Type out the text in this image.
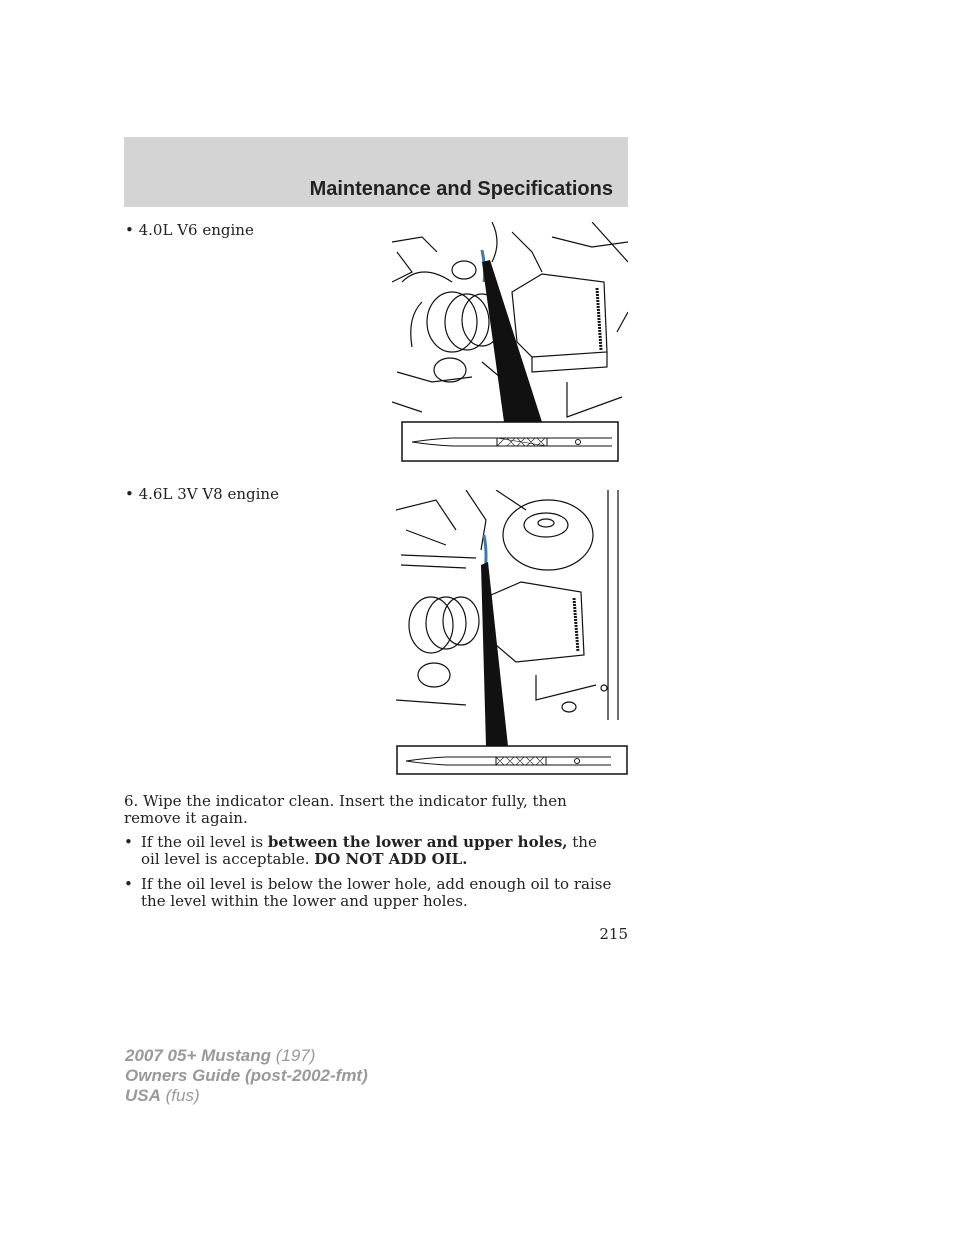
Maintenance and Specifications
• 4.0L V6 engine
• 4.6L 3V V8 engine
6. Wipe the indicator clean. Insert the indicator fully, then remove it again.
• If the oil level is between the lower and upper holes, the oil level is acceptable. DO NOT ADD OIL.
• If the oil level is below the lower hole, add enough oil to raise the level within the lower and upper holes.
215
2007 05+ Mustang (197)
Owners Guide (post-2002-fmt)
USA (fus)
